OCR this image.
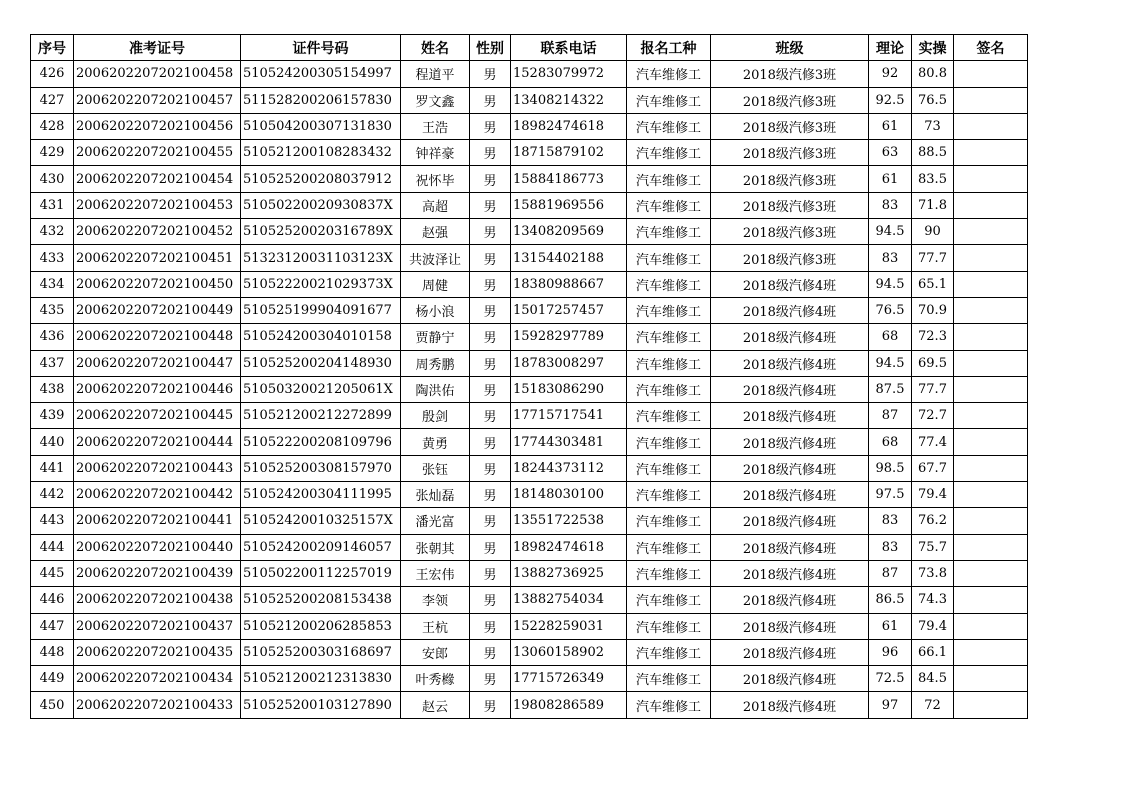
序号	准考证号	证件号码	姓名	性别	联系电话	报名工种	班级	理论	实操	签名
426	2006202207202100458	510524200305154997	程道平	男	15283079972	汽车维修工	2018级汽修3班	92	80.8	
427	2006202207202100457	511528200206157830	罗文鑫	男	13408214322	汽车维修工	2018级汽修3班	92.5	76.5	
428	2006202207202100456	510504200307131830	王浩	男	18982474618	汽车维修工	2018级汽修3班	61	73	
429	2006202207202100455	510521200108283432	钟祥豪	男	18715879102	汽车维修工	2018级汽修3班	63	88.5	
430	2006202207202100454	510525200208037912	祝怀毕	男	15884186773	汽车维修工	2018级汽修3班	61	83.5	
431	2006202207202100453	51050220020930837X	高超	男	15881969556	汽车维修工	2018级汽修3班	83	71.8	
432	2006202207202100452	51052520020316789X	赵强	男	13408209569	汽车维修工	2018级汽修3班	94.5	90	
433	2006202207202100451	51323120031103123X	共波泽让	男	13154402188	汽车维修工	2018级汽修3班	83	77.7	
434	2006202207202100450	51052220021029373X	周健	男	18380988667	汽车维修工	2018级汽修4班	94.5	65.1	
435	2006202207202100449	510525199904091677	杨小浪	男	15017257457	汽车维修工	2018级汽修4班	76.5	70.9	
436	2006202207202100448	510524200304010158	贾静宁	男	15928297789	汽车维修工	2018级汽修4班	68	72.3	
437	2006202207202100447	510525200204148930	周秀鹏	男	18783008297	汽车维修工	2018级汽修4班	94.5	69.5	
438	2006202207202100446	51050320021205061X	陶洪佑	男	15183086290	汽车维修工	2018级汽修4班	87.5	77.7	
439	2006202207202100445	510521200212272899	殷剑	男	17715717541	汽车维修工	2018级汽修4班	87	72.7	
440	2006202207202100444	510522200208109796	黄勇	男	17744303481	汽车维修工	2018级汽修4班	68	77.4	
441	2006202207202100443	510525200308157970	张钰	男	18244373112	汽车维修工	2018级汽修4班	98.5	67.7	
442	2006202207202100442	510524200304111995	张灿磊	男	18148030100	汽车维修工	2018级汽修4班	97.5	79.4	
443	2006202207202100441	51052420010325157X	潘光富	男	13551722538	汽车维修工	2018级汽修4班	83	76.2	
444	2006202207202100440	510524200209146057	张朝其	男	18982474618	汽车维修工	2018级汽修4班	83	75.7	
445	2006202207202100439	510502200112257019	王宏伟	男	13882736925	汽车维修工	2018级汽修4班	87	73.8	
446	2006202207202100438	510525200208153438	李领	男	13882754034	汽车维修工	2018级汽修4班	86.5	74.3	
447	2006202207202100437	510521200206285853	王杭	男	15228259031	汽车维修工	2018级汽修4班	61	79.4	
448	2006202207202100435	510525200303168697	安郎	男	13060158902	汽车维修工	2018级汽修4班	96	66.1	
449	2006202207202100434	510521200212313830	叶秀橼	男	17715726349	汽车维修工	2018级汽修4班	72.5	84.5	
450	2006202207202100433	510525200103127890	赵云	男	19808286589	汽车维修工	2018级汽修4班	97	72	
